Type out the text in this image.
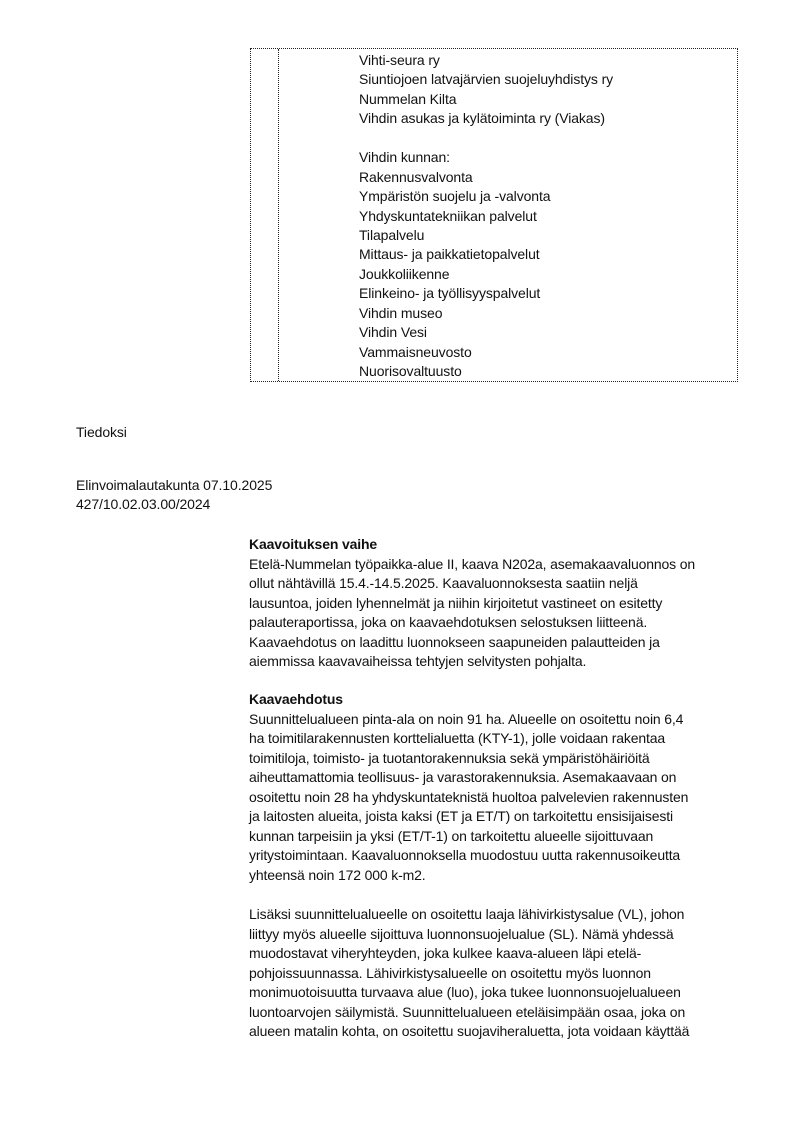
Vihti-seura ry
Siuntiojoen latvajärvien suojeluyhdistys ry
Nummelan Kilta
Vihdin asukas ja kylätoiminta ry (Viakas)
Vihdin kunnan:
Rakennusvalvonta
Ympäristön suojelu ja -valvonta
Yhdyskuntatekniikan palvelut
Tilapalvelu
Mittaus- ja paikkatietopalvelut
Joukkoliikenne
Elinkeino- ja työllisyyspalvelut
Vihdin museo
Vihdin Vesi
Vammaisneuvosto
Nuorisovaltuusto
Tiedoksi
Elinvoimalautakunta 07.10.2025
427/10.02.03.00/2024
Kaavoituksen vaihe
Etelä-Nummelan työpaikka-alue II, kaava N202a, asemakaavaluonnos on
ollut nähtävillä 15.4.-14.5.2025. Kaavaluonnoksesta saatiin neljä
lausuntoa, joiden lyhennelmät ja niihin kirjoitetut vastineet on esitetty
palauteraportissa, joka on kaavaehdotuksen selostuksen liitteenä.
Kaavaehdotus on laadittu luonnokseen saapuneiden palautteiden ja
aiemmissa kaavavaiheissa tehtyjen selvitysten pohjalta.
Kaavaehdotus
Suunnittelualueen pinta-ala on noin 91 ha. Alueelle on osoitettu noin 6,4
ha toimitilarakennusten korttelialuetta (KTY-1), jolle voidaan rakentaa
toimitiloja, toimisto- ja tuotantorakennuksia sekä ympäristöhäiriöitä
aiheuttamattomia teollisuus- ja varastorakennuksia. Asemakaavaan on
osoitettu noin 28 ha yhdyskuntateknistä huoltoa palvelevien rakennusten
ja laitosten alueita, joista kaksi (ET ja ET/T) on tarkoitettu ensisijaisesti
kunnan tarpeisiin ja yksi (ET/T-1) on tarkoitettu alueelle sijoittuvaan
yritystoimintaan. Kaavaluonnoksella muodostuu uutta rakennusoikeutta
yhteensä noin 172 000 k-m2.
Lisäksi suunnittelualueelle on osoitettu laaja lähivirkistysalue (VL), johon
liittyy myös alueelle sijoittuva luonnonsuojelualue (SL). Nämä yhdessä
muodostavat viheryhteyden, joka kulkee kaava-alueen läpi etelä-
pohjoissuunnassa. Lähivirkistysalueelle on osoitettu myös luonnon
monimuotoisuutta turvaava alue (luo), joka tukee luonnonsuojelualueen
luontoarvojen säilymistä. Suunnittelualueen eteläisimpään osaa, joka on
alueen matalin kohta, on osoitettu suojaviheraluetta, jota voidaan käyttää
